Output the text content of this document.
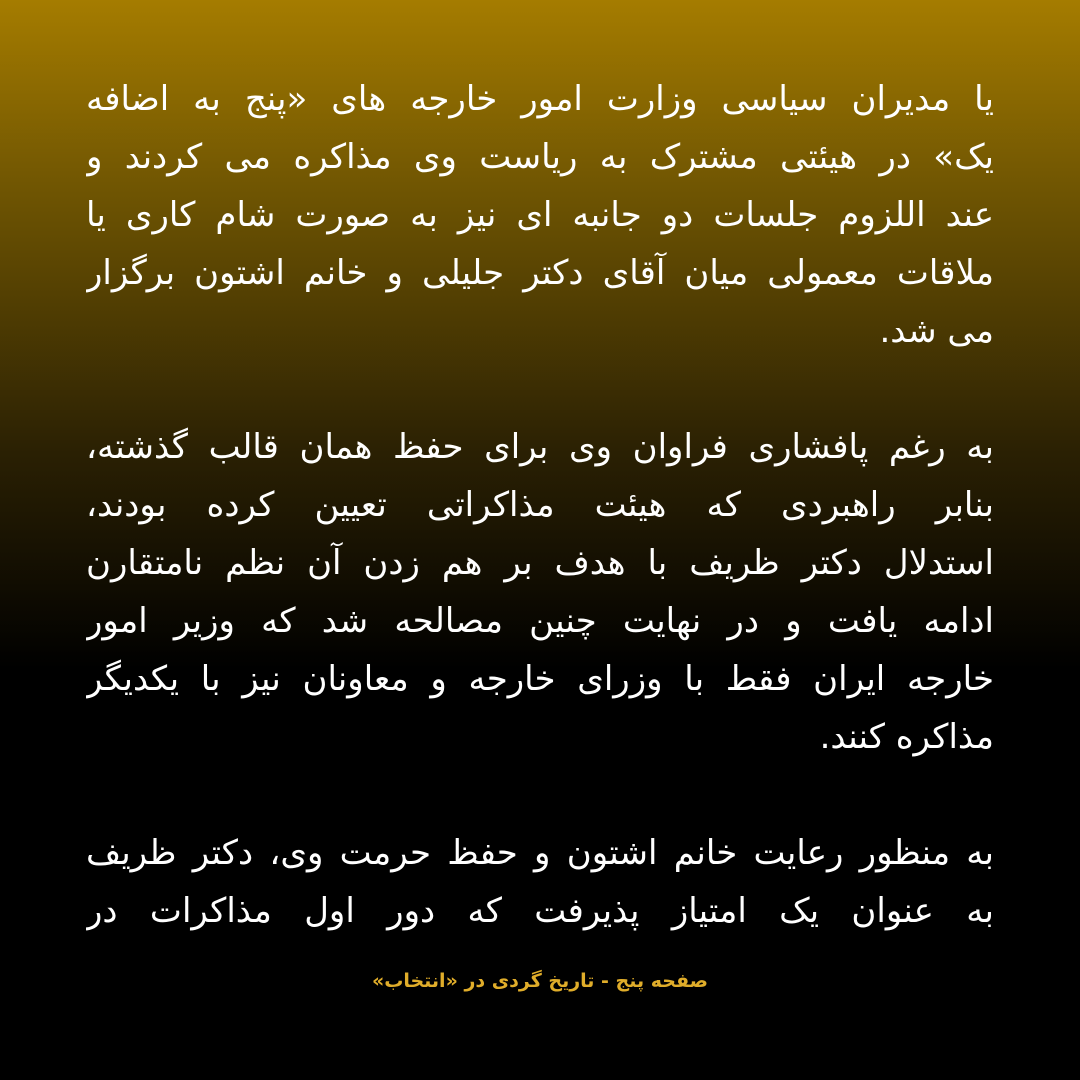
یا مدیران سیاسی وزارت امور خارجه های «پنج به اضافه
یک» در هیئتی مشترک به ریاست وی مذاکره می کردند و
عند اللزوم جلسات دو جانبه ای نیز به صورت شام کاری یا
ملاقات معمولی میان آقای دکتر جلیلی و خانم اشتون برگزار
می شد.
به رغم پافشاری فراوان وی برای حفظ همان قالب گذشته،
بنابر راهبردی که هیئت مذاکراتی تعیین کرده بودند،
استدلال دکتر ظریف با هدف بر هم زدن آن نظم نامتقارن
ادامه یافت و در نهایت چنین مصالحه شد که وزیر امور
خارجه ایران فقط با وزرای خارجه و معاونان نیز با یکدیگر
مذاکره کنند.
به منظور رعایت خانم اشتون و حفظ حرمت وی، دکتر ظریف
به عنوان یک امتیاز پذیرفت که دور اول مذاکرات در
صفحه پنج - تاریخ گردی در «انتخاب»
